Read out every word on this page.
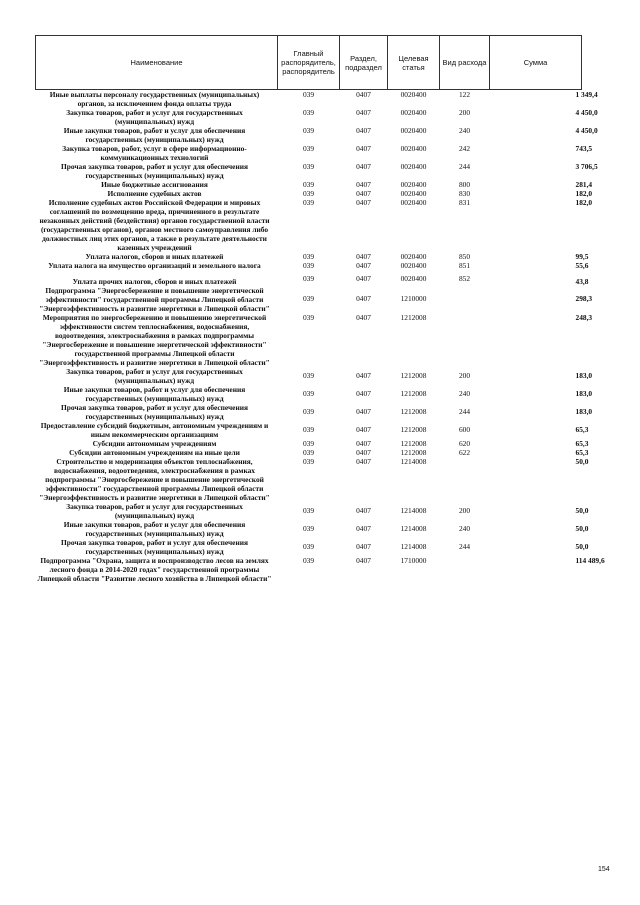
Наименование	Главный распорядитель, распорядитель	Раздел, подраздел	Целевая статья	Вид расхода	Сумма
Иные выплаты персоналу государственных (муниципальных) органов, за исключением фонда оплаты труда	039	0407	0020400	122	1 349,4
Закупка товаров, работ и услуг для государственных (муниципальных) нужд	039	0407	0020400	200	4 450,0
Иные закупки товаров, работ и услуг для обеспечения государственных (муниципальных) нужд	039	0407	0020400	240	4 450,0
Закупка товаров, работ, услуг в сфере информационно-коммуникационных технологий	039	0407	0020400	242	743,5
Прочая закупка товаров, работ и услуг для обеспечения государственных (муниципальных) нужд	039	0407	0020400	244	3 706,5
Иные бюджетные ассигнования	039	0407	0020400	800	281,4
Исполнение судебных актов	039	0407	0020400	830	182,0
Исполнение судебных актов Российской Федерации и мировых соглашений по возмещению вреда, причиненного в результате незаконных действий (бездействия) органов государственной власти (государственных органов), органов местного самоуправления либо должностных лиц этих органов, а также в результате деятельности казенных учреждений	039	0407	0020400	831	182,0
Уплата налогов, сборов и иных платежей	039	0407	0020400	850	99,5
Уплата налога на имущество организаций и земельного налога	039	0407	0020400	851	55,6
Уплата прочих налогов, сборов и иных платежей	039	0407	0020400	852	43,8
Подпрограмма "Энергосбережение и повышение энергетической эффективности" государственной программы Липецкой области "Энергоэффективность и развитие энергетики в Липецкой области"	039	0407	1210000		298,3
Мероприятия по энергосбережению и повышению энергетической эффективности систем теплоснабжения, водоснабжения, водоотведения, электроснабжения в рамках подпрограммы "Энергосбережение и повышение энергетической эффективности" государственной программы Липецкой области "Энергоэффективность и развитие энергетики в Липецкой области"	039	0407	1212008		248,3
Закупка товаров, работ и услуг для государственных (муниципальных) нужд	039	0407	1212008	200	183,0
Иные закупки товаров, работ и услуг для обеспечения государственных (муниципальных) нужд	039	0407	1212008	240	183,0
Прочая закупка товаров, работ и услуг для обеспечения государственных (муниципальных) нужд	039	0407	1212008	244	183,0
Предоставление субсидий бюджетным, автономным учреждениям и иным некоммерческим организациям	039	0407	1212008	600	65,3
Субсидии автономным учреждениям	039	0407	1212008	620	65,3
Субсидии автономным учреждениям на иные цели	039	0407	1212008	622	65,3
Строительство и модернизация объектов теплоснабжения, водоснабжения, водоотведения, электроснабжения в рамках подпрограммы "Энергосбережение и повышение энергетической эффективности" государственной программы Липецкой области "Энергоэффективность и развитие энергетики в Липецкой области"	039	0407	1214008		50,0
Закупка товаров, работ и услуг для государственных (муниципальных) нужд	039	0407	1214008	200	50,0
Иные закупки товаров, работ и услуг для обеспечения государственных (муниципальных) нужд	039	0407	1214008	240	50,0
Прочая закупка товаров, работ и услуг для обеспечения государственных (муниципальных) нужд	039	0407	1214008	244	50,0
Подпрограмма "Охрана, защита и воспроизводство лесов на землях лесного фонда в 2014-2020 годах" государственной программы Липецкой области "Развитие лесного хозяйства в Липецкой области"	039	0407	1710000		114 489,6
154
